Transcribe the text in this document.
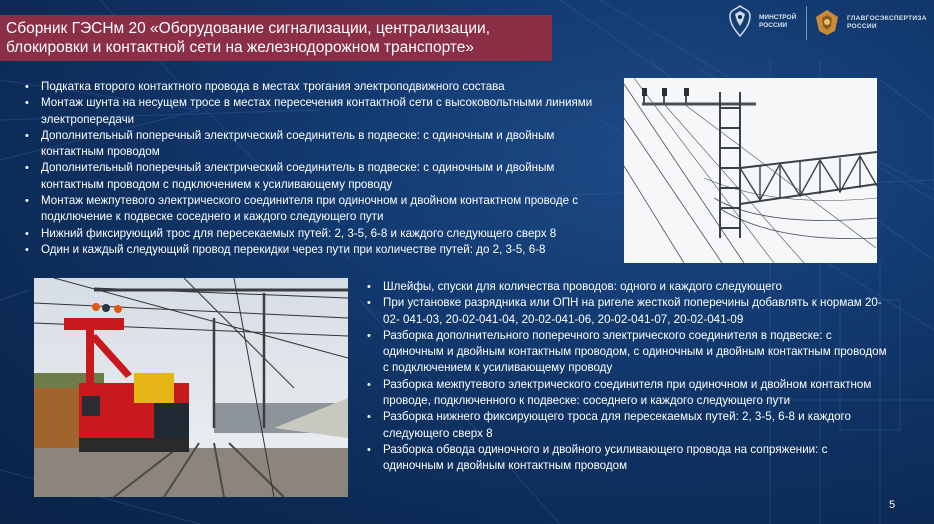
Сборник ГЭСНм 20 «Оборудование сигнализации, централизации,
блокировки и контактной сети на железнодорожном транспорте»
МИНСТРОЙ
РОССИИ
ГЛАВГОСЭКСПЕРТИЗА
РОССИИ
• Подкатка второго контактного провода в местах трогания электроподвижного состава
• Монтаж шунта на несущем тросе в местах пересечения контактной сети с высоковольтными линиями электропередачи
• Дополнительный поперечный электрический соединитель в подвеске: с одиночным и двойным контактным проводом
• Дополнительный поперечный электрический соединитель в подвеске: с одиночным и двойным контактным проводом с подключением к усиливающему проводу
• Монтаж межпутевого электрического соединителя при одиночном и двойном контактном проводе с подключение к подвеске соседнего и каждого следующего пути
• Нижний фиксирующий трос для пересекаемых путей: 2, 3-5, 6-8 и каждого следующего сверх 8
• Один и каждый следующий провод перекидки через пути при количестве путей: до 2, 3-5, 6-8
• Шлейфы, спуски для количества проводов: одного и каждого следующего
• При установке разрядника или ОПН на ригеле жесткой поперечины добавлять к нормам 20-02- 041-03, 20-02-041-04, 20-02-041-06, 20-02-041-07, 20-02-041-09
• Разборка дополнительного поперечного электрического соединителя в подвеске: с одиночным и двойным контактным проводом, с одиночным и двойным контактным проводом с подключением к усиливающему проводу
• Разборка межпутевого электрического соединителя при одиночном и двойном контактном проводе, подключенного к подвеске: соседнего и каждого следующего пути
• Разборка нижнего фиксирующего троса для пересекаемых путей: 2, 3-5, 6-8 и каждого следующего сверх 8
• Разборка обвода одиночного и двойного усиливающего провода на сопряжении: с одиночным и двойным контактным проводом
5
